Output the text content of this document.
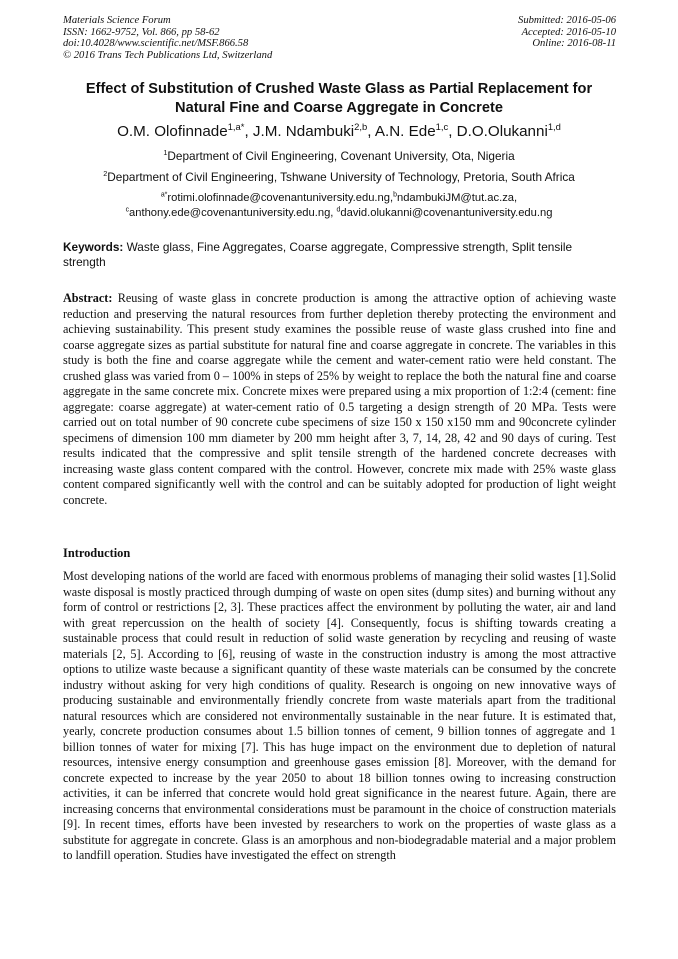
Materials Science Forum
ISSN: 1662-9752, Vol. 866, pp 58-62
doi:10.4028/www.scientific.net/MSF.866.58
© 2016 Trans Tech Publications Ltd, Switzerland
Submitted: 2016-05-06
Accepted: 2016-05-10
Online: 2016-08-11
Effect of Substitution of Crushed Waste Glass as Partial Replacement for Natural Fine and Coarse Aggregate in Concrete
O.M. Olofinnade$^{1,a*}$, J.M. Ndambuki$^{2,b}$, A.N. Ede$^{1,c}$, D.O.Olukanni$^{1,d}$
$^1$Department of Civil Engineering, Covenant University, Ota, Nigeria
$^2$Department of Civil Engineering, Tshwane University of Technology, Pretoria, South Africa
$^{a*}$rotimi.olofinnade@covenantuniversity.edu.ng,$^b$ndambukiJM@tut.ac.za,
$^c$anthony.ede@covenantuniversity.edu.ng, $^d$david.olukanni@covenantuniversity.edu.ng
Keywords: Waste glass, Fine Aggregates, Coarse aggregate, Compressive strength, Split tensile strength
Abstract: Reusing of waste glass in concrete production is among the attractive option of achieving waste reduction and preserving the natural resources from further depletion thereby protecting the environment and achieving sustainability. This present study examines the possible reuse of waste glass crushed into fine and coarse aggregate sizes as partial substitute for natural fine and coarse aggregate in concrete. The variables in this study is both the fine and coarse aggregate while the cement and water-cement ratio were held constant. The crushed glass was varied from 0 – 100% in steps of 25% by weight to replace the both the natural fine and coarse aggregate in the same concrete mix. Concrete mixes were prepared using a mix proportion of 1:2:4 (cement: fine aggregate: coarse aggregate) at water-cement ratio of 0.5 targeting a design strength of 20 MPa. Tests were carried out on total number of 90 concrete cube specimens of size 150 x 150 x150 mm and 90concrete cylinder specimens of dimension 100 mm diameter by 200 mm height after 3, 7, 14, 28, 42 and 90 days of curing. Test results indicated that the compressive and split tensile strength of the hardened concrete decreases with increasing waste glass content compared with the control. However, concrete mix made with 25% waste glass content compared significantly well with the control and can be suitably adopted for production of light weight concrete.
Introduction
Most developing nations of the world are faced with enormous problems of managing their solid wastes [1].Solid waste disposal is mostly practiced through dumping of waste on open sites (dump sites) and burning without any form of control or restrictions [2, 3]. These practices affect the environment by polluting the water, air and land with great repercussion on the health of society [4]. Consequently, focus is shifting towards creating a sustainable process that could result in reduction of solid waste generation by recycling and reusing of waste materials [2, 5]. According to [6], reusing of waste in the construction industry is among the most attractive options to utilize waste because a significant quantity of these waste materials can be consumed by the concrete industry without asking for very high conditions of quality. Research is ongoing on new innovative ways of producing sustainable and environmentally friendly concrete from waste materials apart from the traditional natural resources which are considered not environmentally sustainable in the near future. It is estimated that, yearly, concrete production consumes about 1.5 billion tonnes of cement, 9 billion tonnes of aggregate and 1 billion tonnes of water for mixing [7]. This has huge impact on the environment due to depletion of natural resources, intensive energy consumption and greenhouse gases emission [8]. Moreover, with the demand for concrete expected to increase by the year 2050 to about 18 billion tonnes owing to increasing construction activities, it can be inferred that concrete would hold great significance in the nearest future. Again, there are increasing concerns that environmental considerations must be paramount in the choice of construction materials [9]. In recent times, efforts have been invested by researchers to work on the properties of waste glass as a substitute for aggregate in concrete. Glass is an amorphous and non-biodegradable material and a major problem to landfill operation. Studies have investigated the effect on strength
